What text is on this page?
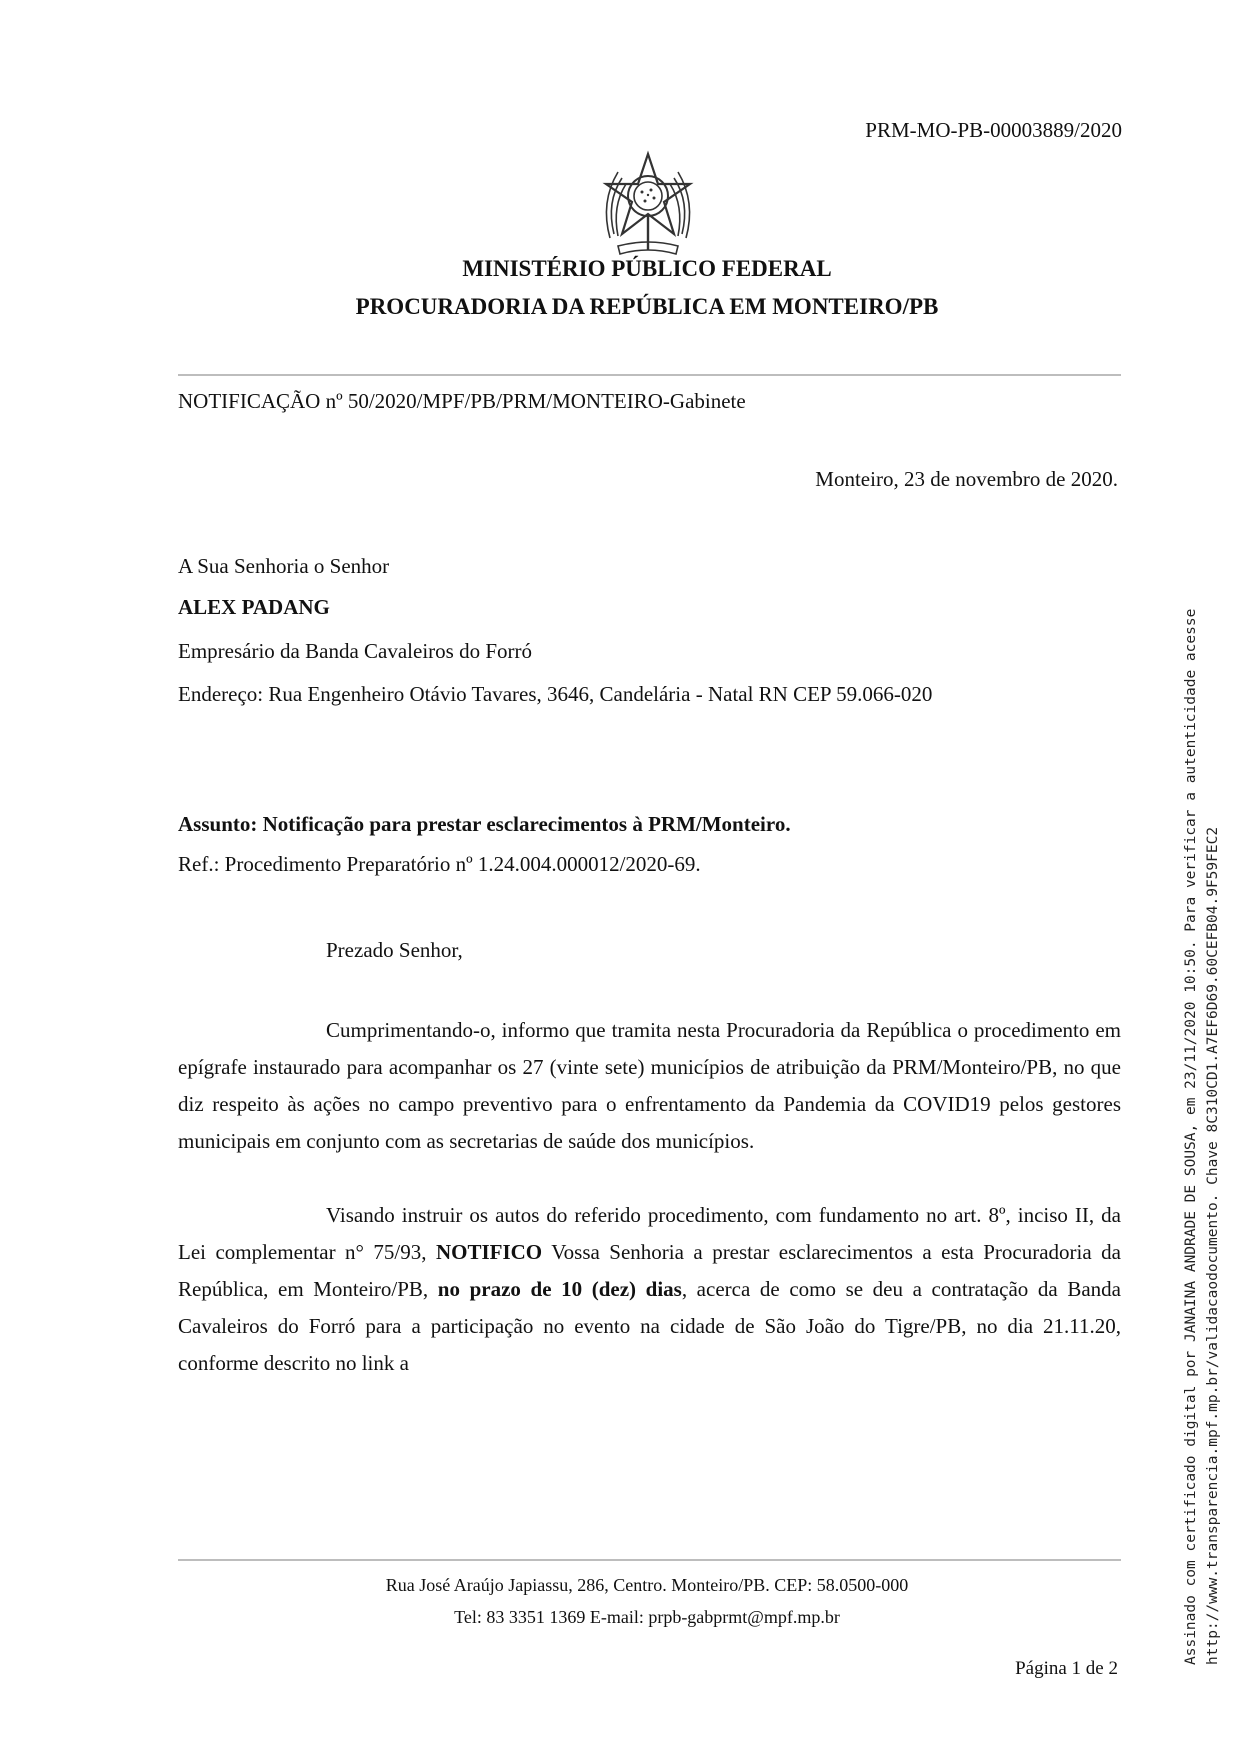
PRM-MO-PB-00003889/2020
MINISTÉRIO PÚBLICO FEDERAL
PROCURADORIA DA REPÚBLICA EM MONTEIRO/PB
NOTIFICAÇÃO nº 50/2020/MPF/PB/PRM/MONTEIRO-Gabinete
Monteiro, 23 de novembro de 2020.
A Sua Senhoria o Senhor
ALEX PADANG
Empresário da Banda Cavaleiros do Forró
Endereço: Rua Engenheiro Otávio Tavares, 3646, Candelária - Natal RN CEP 59.066-020
Assunto: Notificação para prestar esclarecimentos à PRM/Monteiro.
Ref.: Procedimento Preparatório nº 1.24.004.000012/2020-69.
Prezado Senhor,
Cumprimentando-o, informo que tramita nesta Procuradoria da República o procedimento em epígrafe instaurado para acompanhar os 27 (vinte sete) municípios de atribuição da PRM/Monteiro/PB, no que diz respeito às ações no campo preventivo para o enfrentamento da Pandemia da COVID19 pelos gestores municipais em conjunto com as secretarias de saúde dos municípios.
Visando instruir os autos do referido procedimento, com fundamento no art. 8º, inciso II, da Lei complementar n° 75/93, NOTIFICO Vossa Senhoria a prestar esclarecimentos a esta Procuradoria da República, em Monteiro/PB, no prazo de 10 (dez) dias, acerca de como se deu a contratação da Banda Cavaleiros do Forró para a participação no evento na cidade de São João do Tigre/PB, no dia 21.11.20, conforme descrito no link a
Rua José Araújo Japiassu, 286, Centro. Monteiro/PB. CEP: 58.0500-000
Tel: 83 3351 1369 E-mail: prpb-gabprmt@mpf.mp.br
Página 1 de 2
Assinado com certificado digital por JANAINA ANDRADE DE SOUSA, em 23/11/2020 10:50. Para verificar a autenticidade acesse http://www.transparencia.mpf.mp.br/validacaodocumento. Chave 8C310CD1.A7EF6D69.60CEFB04.9F59FEC2
